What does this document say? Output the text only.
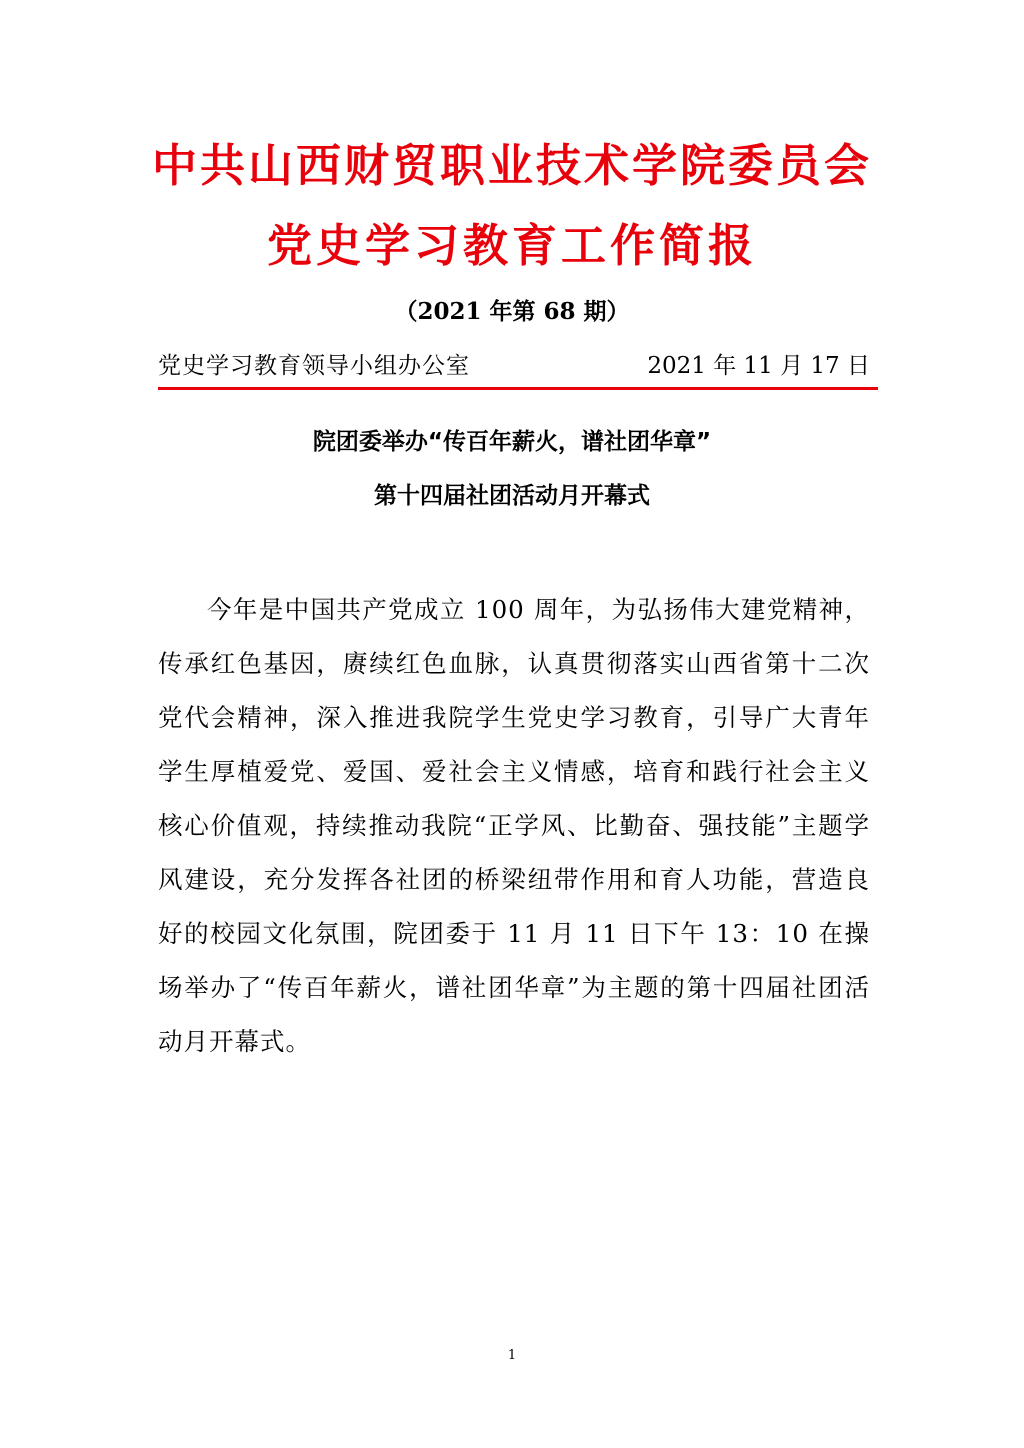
中共山西财贸职业技术学院委员会
党史学习教育工作简报
（2021 年第 68 期）
党史学习教育领导小组办公室	2021 年 11 月 17 日
院团委举办“传百年薪火，谱社团华章”
第十四届社团活动月开幕式

今年是中国共产党成立 100 周年，为弘扬伟大建党精神，传承红色基因，赓续红色血脉，认真贯彻落实山西省第十二次党代会精神，深入推进我院学生党史学习教育，引导广大青年学生厚植爱党、爱国、爱社会主义情感，培育和践行社会主义核心价值观，持续推动我院“正学风、比勤奋、强技能”主题学风建设，充分发挥各社团的桥梁纽带作用和育人功能，营造良好的校园文化氛围，院团委于 11 月 11 日下午 13：10 在操场举办了“传百年薪火，谱社团华章”为主题的第十四届社团活动月开幕式。

1
